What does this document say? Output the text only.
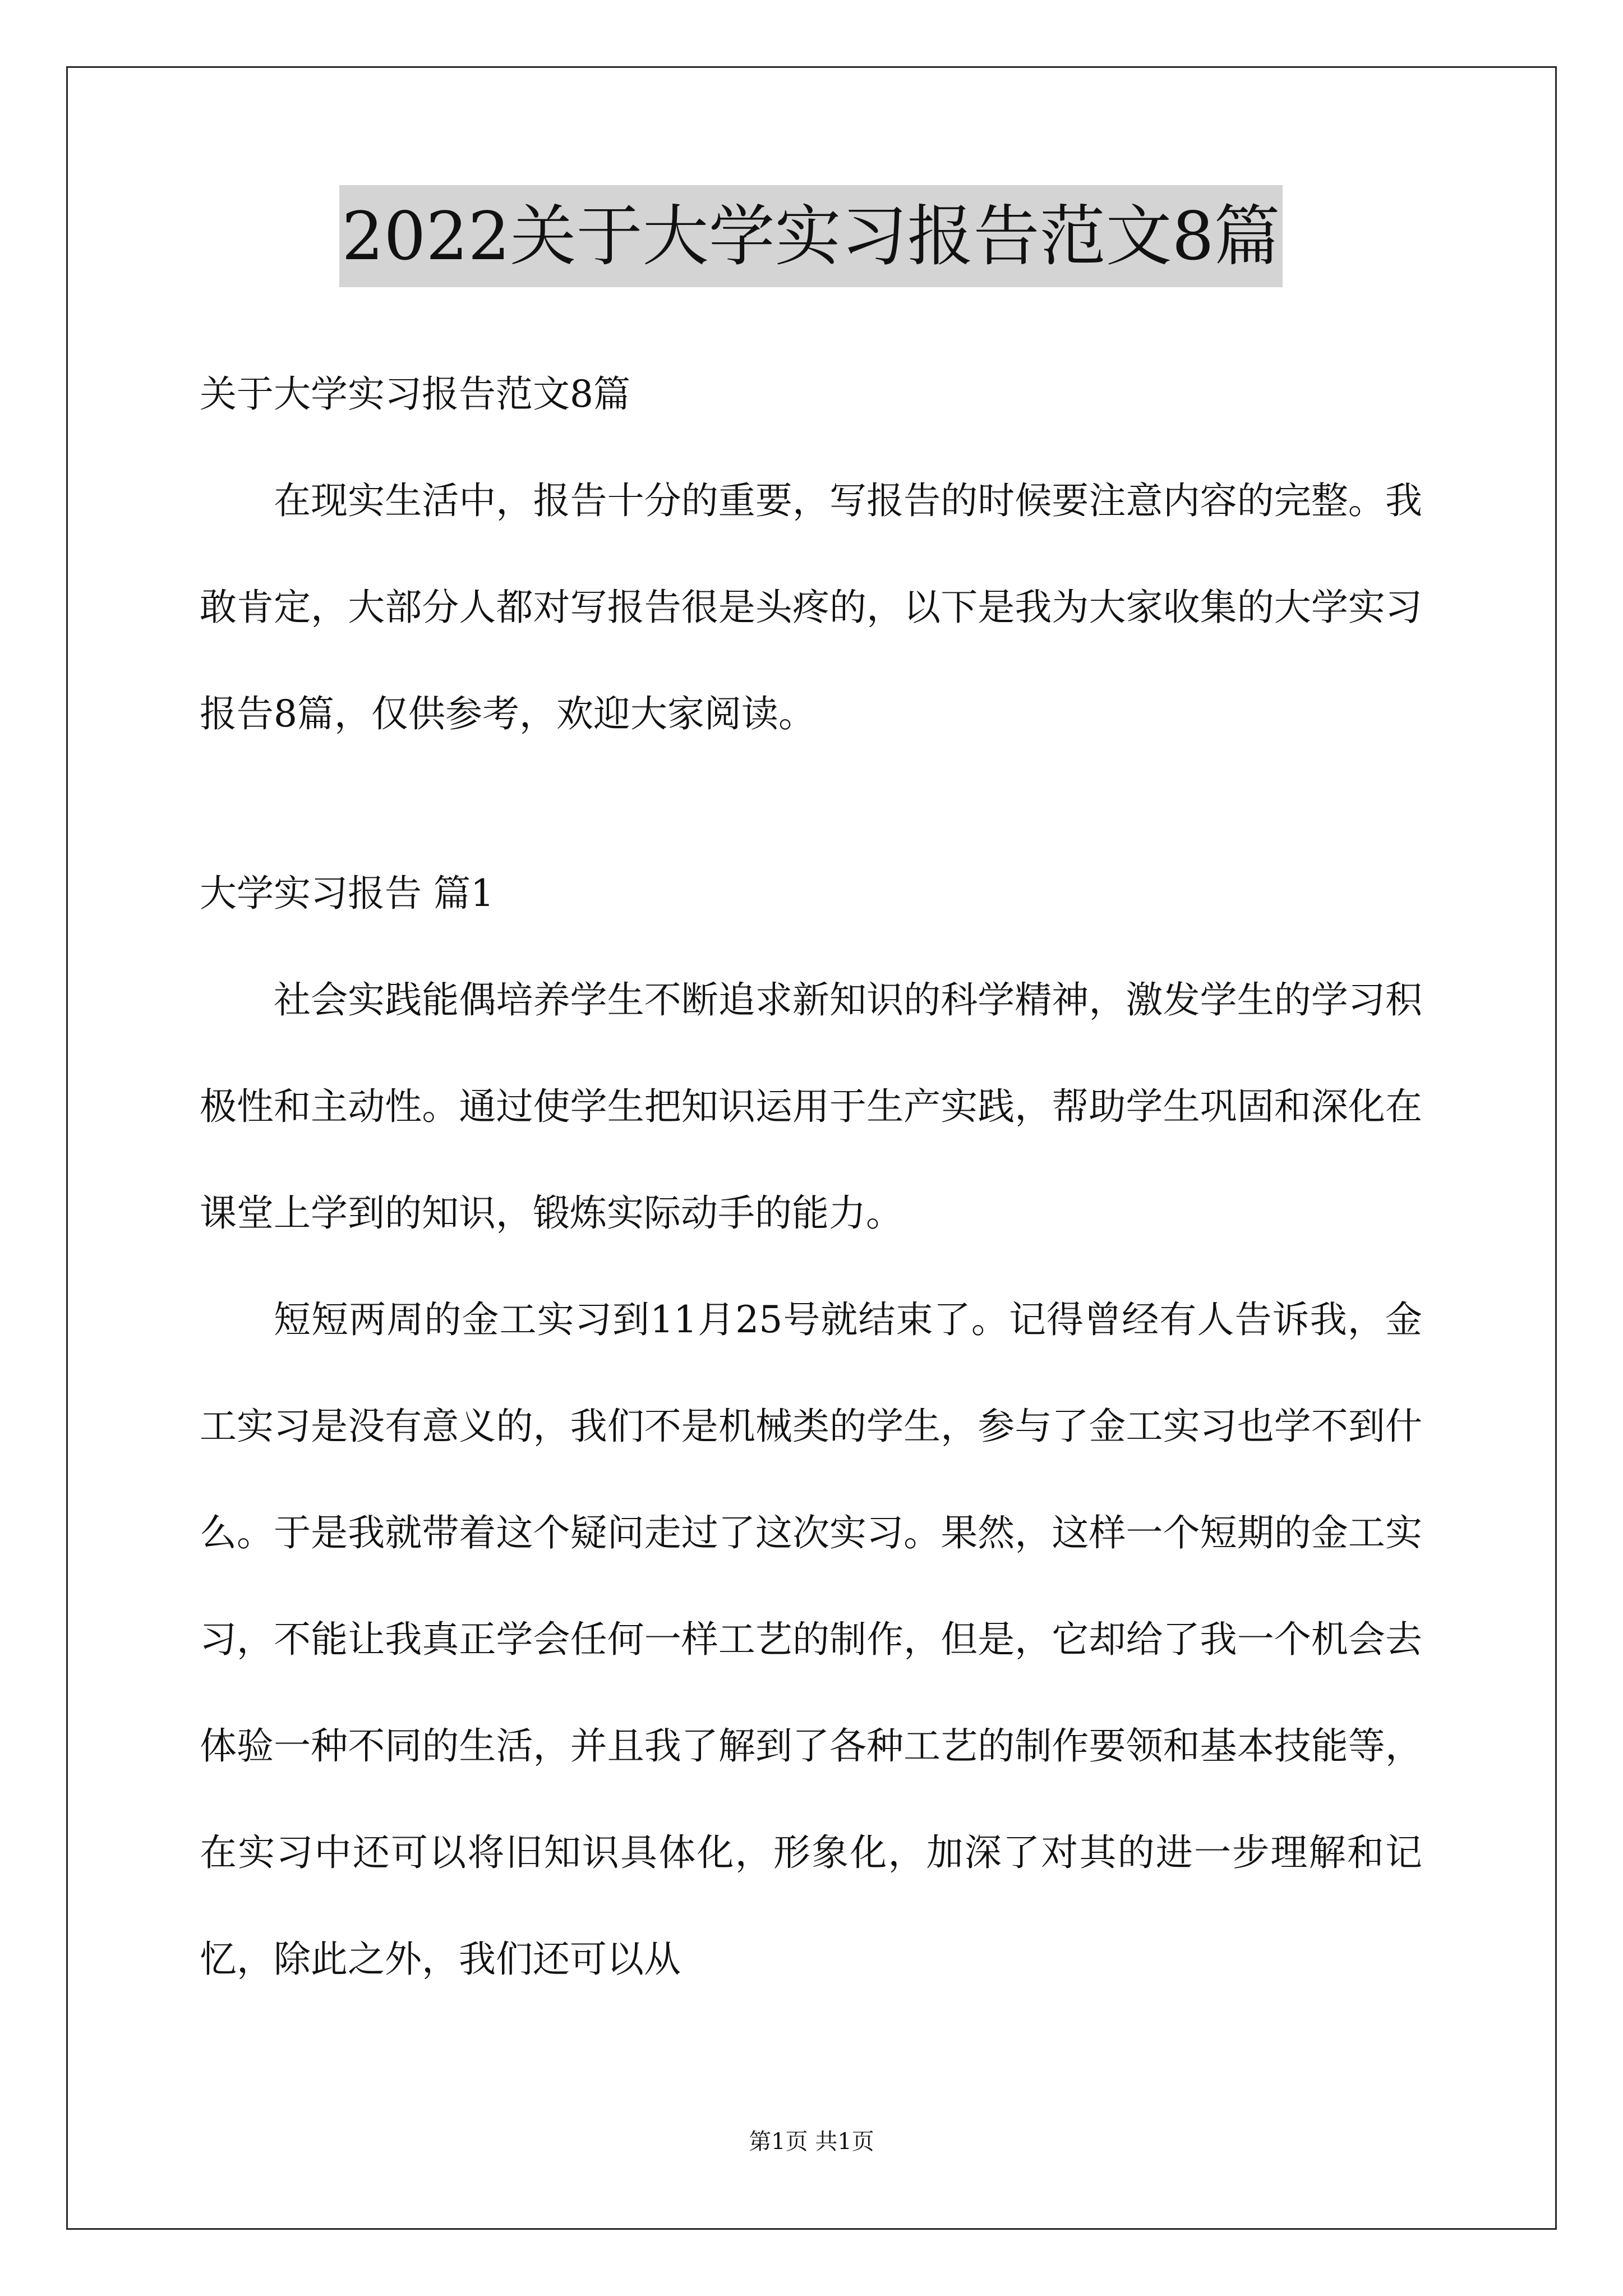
2022关于大学实习报告范文8篇

关于大学实习报告范文8篇

在现实生活中，报告十分的重要，写报告的时候要注意内容的完整。我敢肯定，大部分人都对写报告很是头疼的，以下是我为大家收集的大学实习报告8篇，仅供参考，欢迎大家阅读。

大学实习报告 篇1

社会实践能偶培养学生不断追求新知识的科学精神，激发学生的学习积极性和主动性。通过使学生把知识运用于生产实践，帮助学生巩固和深化在课堂上学到的知识，锻炼实际动手的能力。

短短两周的金工实习到11月25号就结束了。记得曾经有人告诉我，金工实习是没有意义的，我们不是机械类的学生，参与了金工实习也学不到什么。于是我就带着这个疑问走过了这次实习。果然，这样一个短期的金工实习，不能让我真正学会任何一样工艺的制作，但是，它却给了我一个机会去体验一种不同的生活，并且我了解到了各种工艺的制作要领和基本技能等，在实习中还可以将旧知识具体化，形象化，加深了对其的进一步理解和记忆，除此之外，我们还可以从

第1页 共1页
